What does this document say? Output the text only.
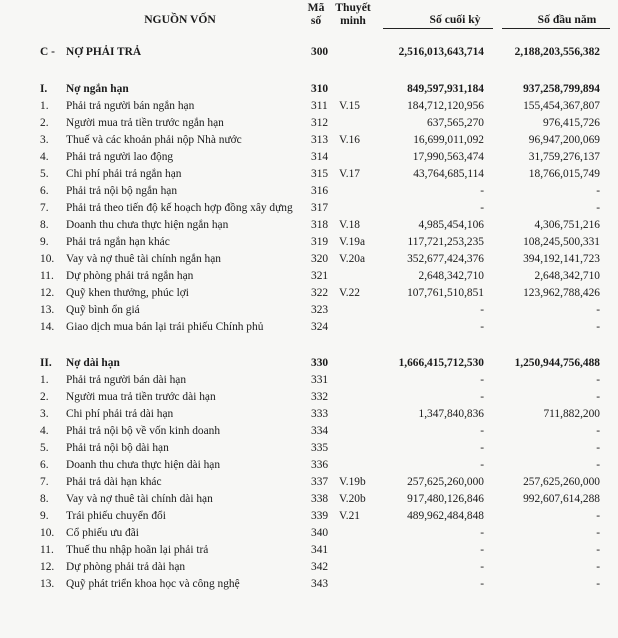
NGUỒN VỐN
Mã
số
Thuyết
minh	Số cuối kỳ	Số đầu năm
C - NỢ PHẢI TRẢ	300	2,516,013,643,714	2,188,203,556,382
I. Nợ ngắn hạn	310	849,597,931,184	937,258,799,894
1. Phải trả người bán ngắn hạn	311 V.15	184,712,120,956	155,454,367,807
2. Người mua trả tiền trước ngắn hạn	312	637,565,270	976,415,726
3. Thuế và các khoản phải nộp Nhà nước	313 V.16	16,699,011,092	96,947,200,069
4. Phải trả người lao động	314	17,990,563,474	31,759,276,137
5. Chi phí phải trả ngắn hạn	315 V.17	43,764,685,114	18,766,015,749
6. Phải trả nội bộ ngắn hạn	316	-	-
7. Phải trả theo tiến độ kế hoạch hợp đồng xây dựng 317	-	-
8. Doanh thu chưa thực hiện ngắn hạn	318 V.18	4,985,454,106	4,306,751,216
9. Phải trả ngắn hạn khác	319 V.19a	117,721,253,235	108,245,500,331
10. Vay và nợ thuê tài chính ngắn hạn	320 V.20a	352,677,424,376	394,192,141,723
11. Dự phòng phải trả ngắn hạn	321	2,648,342,710	2,648,342,710
12. Quỹ khen thưởng, phúc lợi	322 V.22	107,761,510,851	123,962,788,426
13. Quỹ bình ổn giá	323	-	-
14. Giao dịch mua bán lại trái phiếu Chính phủ	324	-	-
II. Nợ dài hạn	330	1,666,415,712,530	1,250,944,756,488
1. Phải trả người bán dài hạn	331	-	-
2. Người mua trả tiền trước dài hạn	332	-	-
3. Chi phí phải trả dài hạn	333	1,347,840,836	711,882,200
4. Phải trả nội bộ về vốn kinh doanh	334	-	-
5. Phải trả nội bộ dài hạn	335	-	-
6. Doanh thu chưa thực hiện dài hạn	336	-	-
7. Phải trả dài hạn khác	337 V.19b	257,625,260,000	257,625,260,000
8. Vay và nợ thuê tài chính dài hạn	338 V.20b	917,480,126,846	992,607,614,288
9. Trái phiếu chuyển đổi	339 V.21	489,962,484,848	-
10. Cổ phiếu ưu đãi	340	-	-
11. Thuế thu nhập hoãn lại phải trả	341	-	-
12. Dự phòng phải trả dài hạn	342	-	-
13. Quỹ phát triển khoa học và công nghệ	343	-	-
